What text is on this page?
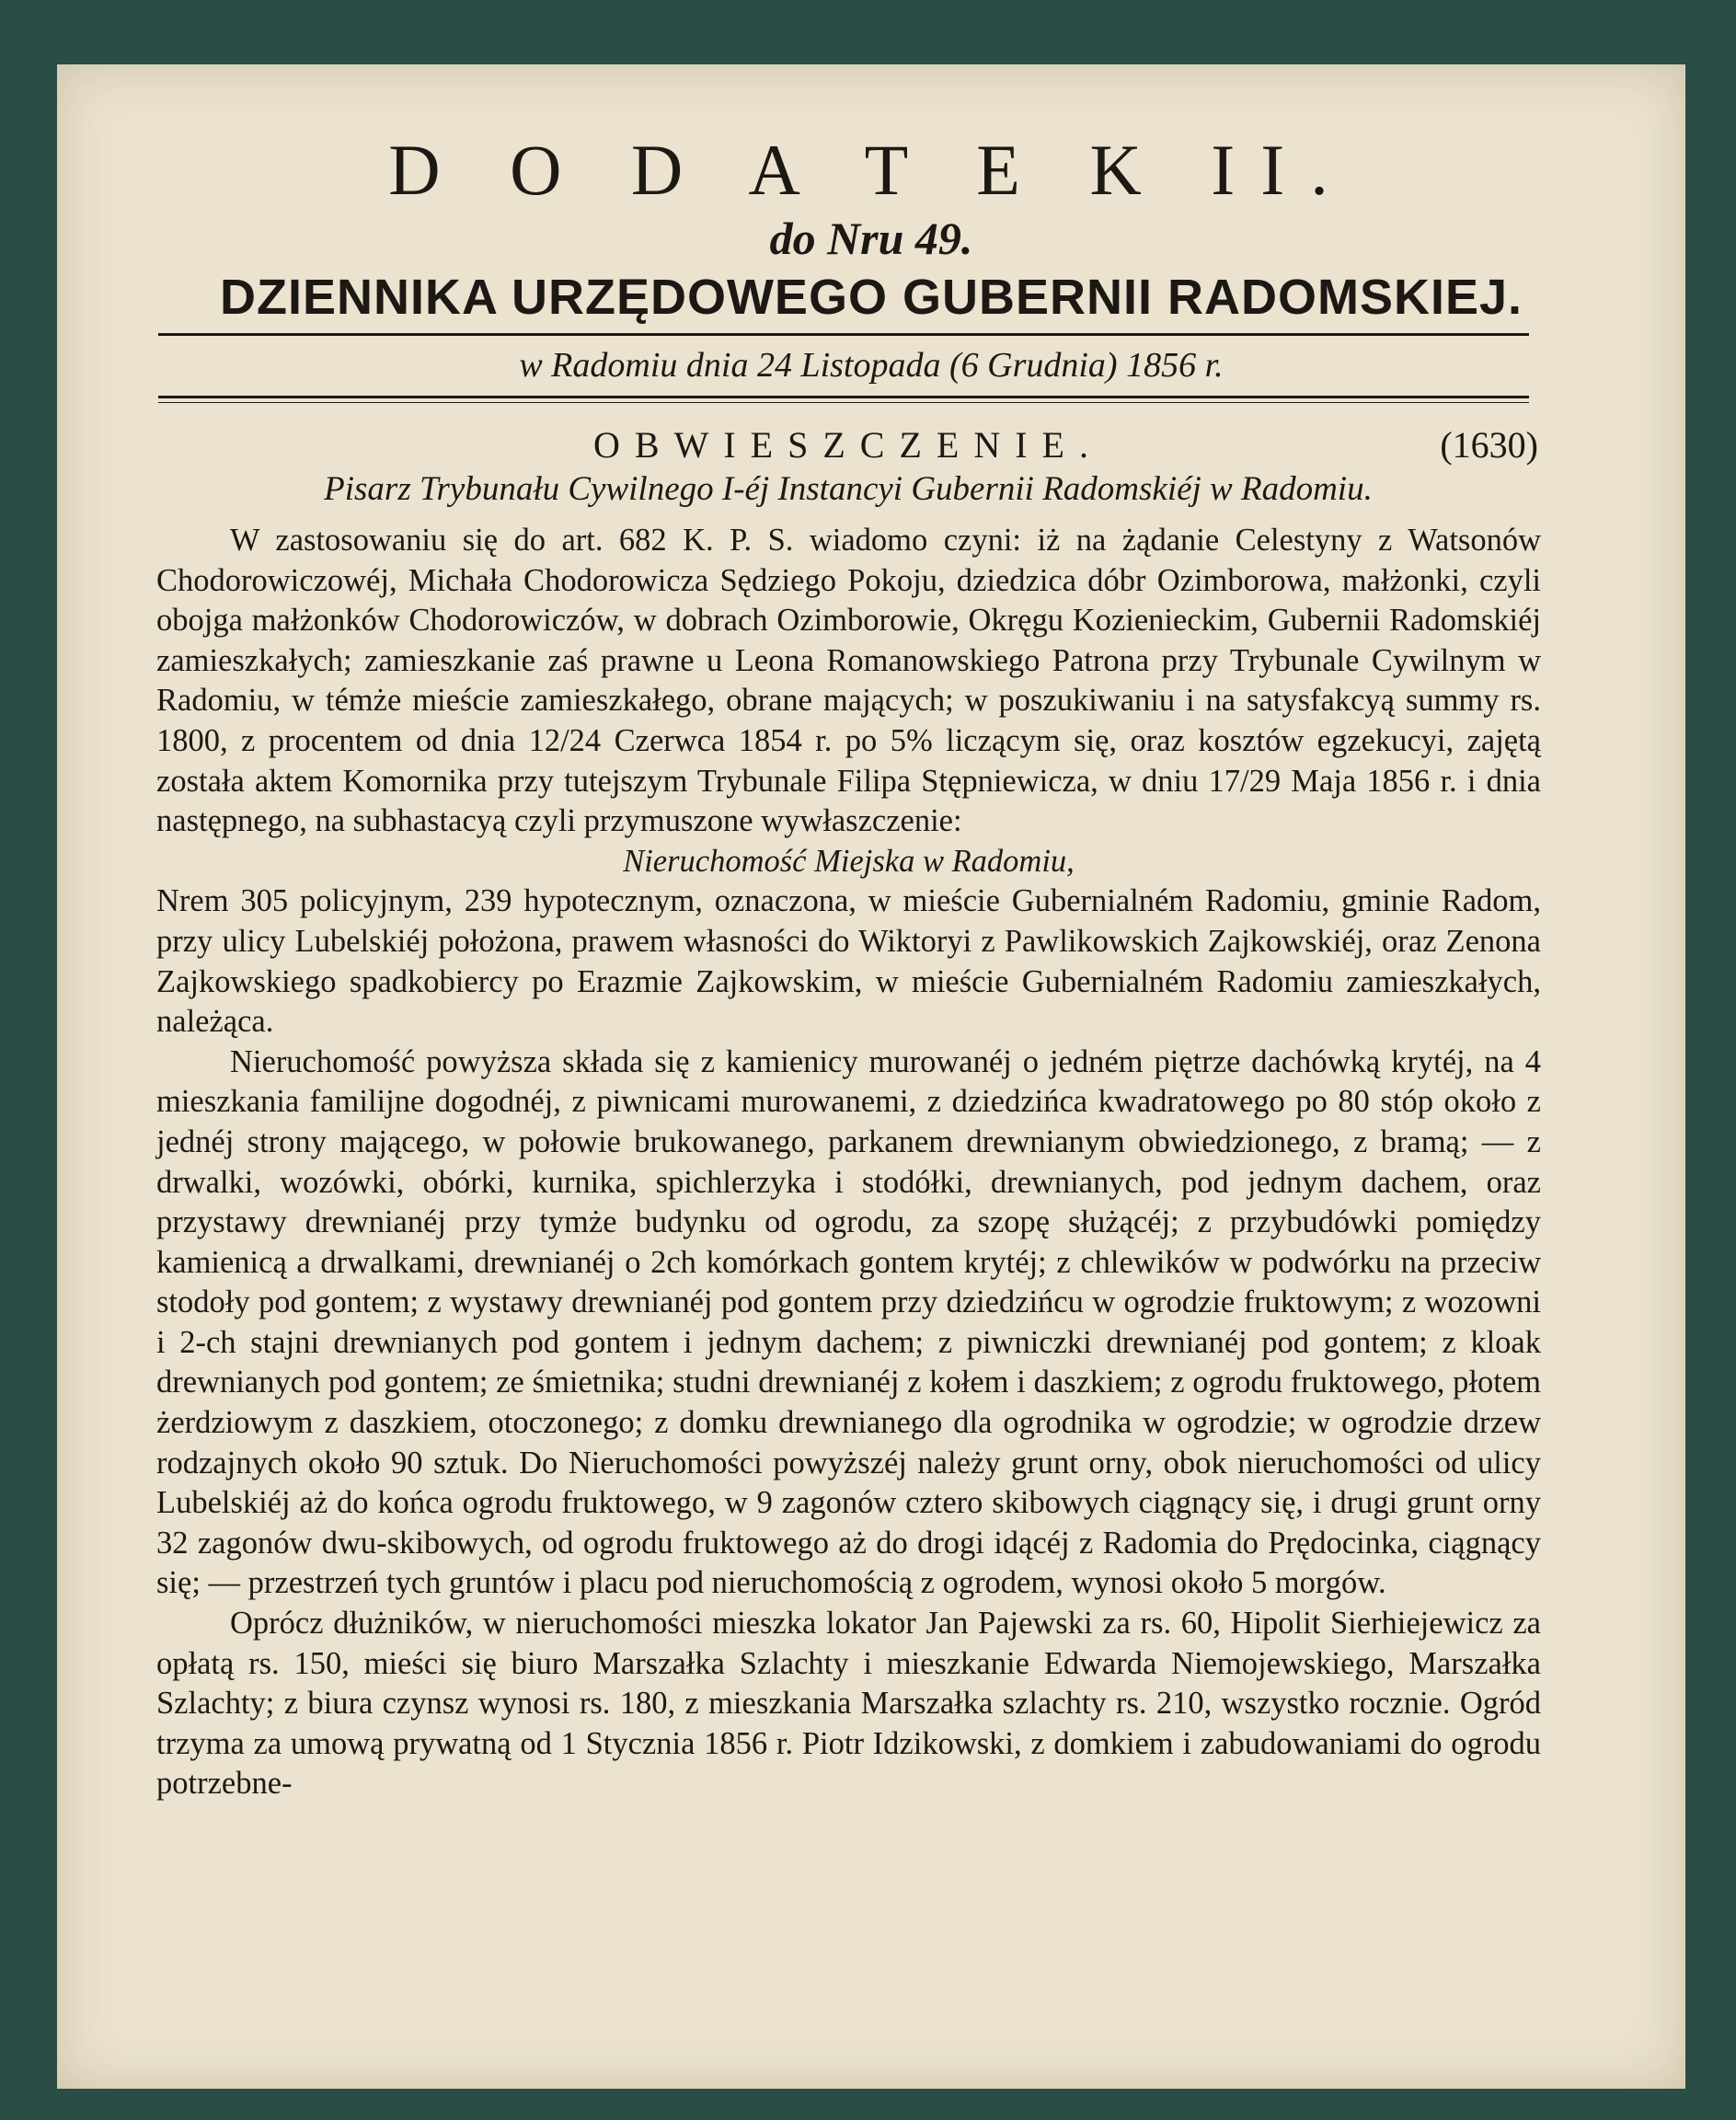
D O D A T E K II.
do Nru 49.
DZIENNIKA URZĘDOWEGO GUBERNII RADOMSKIEJ.
w Radomiu dnia 24 Listopada (6 Grudnia) 1856 r.
OBWIESZCZENIE.	(1630)
Pisarz Trybunału Cywilnego I-éj Instancyi Gubernii Radomskiéj w Radomiu.

W zastosowaniu się do art. 682 K. P. S. wiadomo czyni: iż na żądanie Celestyny z Watsonów Chodorowiczowéj, Michała Chodorowicza Sędziego Pokoju, dziedzica dóbr Ozimborowa, małżonki, czyli obojga małżonków Chodorowiczów, w dobrach Ozimborowie, Okręgu Kozienieckim, Gubernii Radomskiéj zamieszkałych; zamieszkanie zaś prawne u Leona Romanowskiego Patrona przy Trybunale Cywilnym w Radomiu, w témże mieście zamieszkałego, obrane mających; w poszukiwaniu i na satysfakcyą summy rs. 1800, z procentem od dnia 12/24 Czerwca 1854 r. po 5% liczącym się, oraz kosztów egzekucyi, zajętą została aktem Komornika przy tutejszym Trybunale Filipa Stępniewicza, w dniu 17/29 Maja 1856 r. i dnia następnego, na subhastacyą czyli przymuszone wywłaszczenie:

Nieruchomość Miejska w Radomiu,

Nrem 305 policyjnym, 239 hypotecznym, oznaczona, w mieście Gubernialném Radomiu, gminie Radom, przy ulicy Lubelskiéj położona, prawem własności do Wiktoryi z Pawlikowskich Zajkowskiéj, oraz Zenona Zajkowskiego spadkobiercy po Erazmie Zajkowskim, w mieście Gubernialném Radomiu zamieszkałych, należąca.

Nieruchomość powyższa składa się z kamienicy murowanéj o jedném piętrze dachówką krytéj, na 4 mieszkania familijne dogodnéj, z piwnicami murowanemi, z dziedzińca kwadratowego po 80 stóp około z jednéj strony mającego, w połowie brukowanego, parkanem drewnianym obwiedzionego, z bramą; — z drwalki, wozówki, obórki, kurnika, spichlerzyka i stodółki, drewnianych, pod jednym dachem, oraz przystawy drewnianéj przy tymże budynku od ogrodu, za szopę służącéj; z przybudówki pomiędzy kamienicą a drwalkami, drewnianéj o 2ch komórkach gontem krytéj; z chlewików w podwórku na przeciw stodoły pod gontem; z wystawy drewnianéj pod gontem przy dziedzińcu w ogrodzie fruktowym; z wozowni i 2-ch stajni drewnianych pod gontem i jednym dachem; z piwniczki drewnianéj pod gontem; z kloak drewnianych pod gontem; ze śmietnika; studni drewnianéj z kołem i daszkiem; z ogrodu fruktowego, płotem żerdziowym z daszkiem, otoczonego; z domku drewnianego dla ogrodnika w ogrodzie; w ogrodzie drzew rodzajnych około 90 sztuk. Do Nieruchomości powyższéj należy grunt orny, obok nieruchomości od ulicy Lubelskiéj aż do końca ogrodu fruktowego, w 9 zagonów cztero skibowych ciągnący się, i drugi grunt orny 32 zagonów dwu-skibowych, od ogrodu fruktowego aż do drogi idącéj z Radomia do Prędocinka, ciągnący się; — przestrzeń tych gruntów i placu pod nieruchomością z ogrodem, wynosi około 5 morgów.

Oprócz dłużników, w nieruchomości mieszka lokator Jan Pajewski za rs. 60, Hipolit Sierhiejewicz za opłatą rs. 150, mieści się biuro Marszałka Szlachty i mieszkanie Edwarda Niemojewskiego, Marszałka Szlachty; z biura czynsz wynosi rs. 180, z mieszkania Marszałka szlachty rs. 210, wszystko rocznie. Ogród trzyma za umową prywatną od 1 Stycznia 1856 r. Piotr Idzikowski, z domkiem i zabudowaniami do ogrodu potrzebne-
